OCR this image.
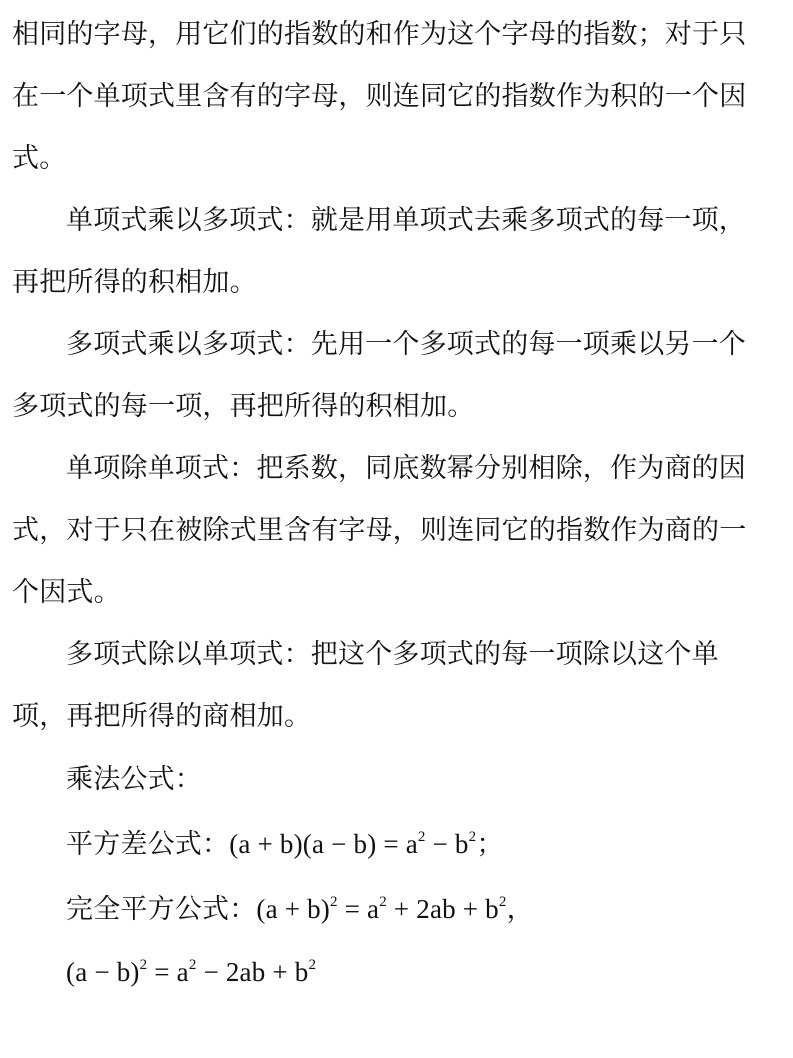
相同的字母，用它们的指数的和作为这个字母的指数；对于只
在一个单项式里含有的字母，则连同它的指数作为积的一个因
式。
单项式乘以多项式：就是用单项式去乘多项式的每一项，
再把所得的积相加。
多项式乘以多项式：先用一个多项式的每一项乘以另一个
多项式的每一项，再把所得的积相加。
单项除单项式：把系数，同底数幂分别相除，作为商的因
式，对于只在被除式里含有字母，则连同它的指数作为商的一
个因式。
多项式除以单项式：把这个多项式的每一项除以这个单
项，再把所得的商相加。
乘法公式：
平方差公式：$(a + b)(a - b) = a^2 - b^2$；
完全平方公式：$(a + b)^2 = a^2 + 2ab + b^2$，
$(a - b)^2 = a^2 - 2ab + b^2$
